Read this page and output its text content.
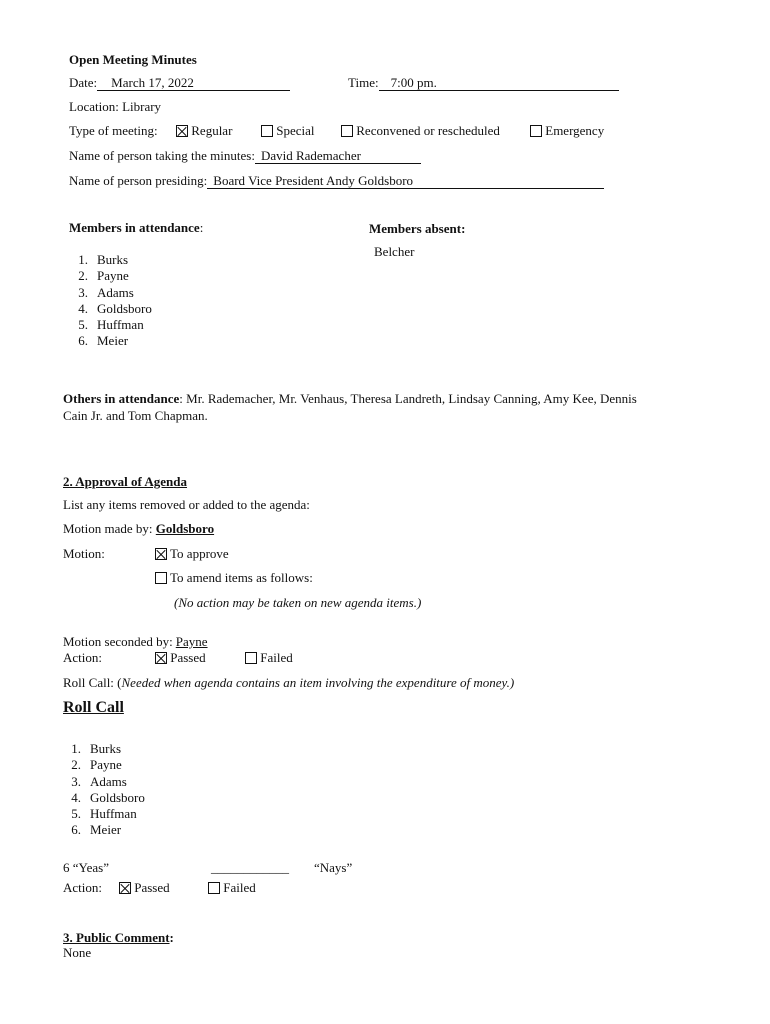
Open Meeting Minutes
Date: March 17, 2022	Time: 7:00 pm.
Location: Library
Type of meeting:	Regular	Special	Reconvened or rescheduled	Emergency
Name of person taking the minutes: David Rademacher
Name of person presiding: Board Vice President Andy Goldsboro
Members in attendance:	Members absent:
Belcher
1. Burks
2. Payne
3. Adams
4. Goldsboro
5. Huffman
6. Meier
Others in attendance: Mr. Rademacher, Mr. Venhaus, Theresa Landreth, Lindsay Canning, Amy Kee, Dennis
Cain Jr. and Tom Chapman.
2. Approval of Agenda
List any items removed or added to the agenda:
Motion made by: Goldsboro
Motion:	To approve
To amend items as follows:
(No action may be taken on new agenda items.)
Motion seconded by: Payne
Action:	Passed	Failed
Roll Call: (Needed when agenda contains an item involving the expenditure of money.)
Roll Call
1. Burks
2. Payne
3. Adams
4. Goldsboro
5. Huffman
6. Meier
6 “Yeas”	____________ “Nays”
Action:	Passed	Failed
3. Public Comment:
None
